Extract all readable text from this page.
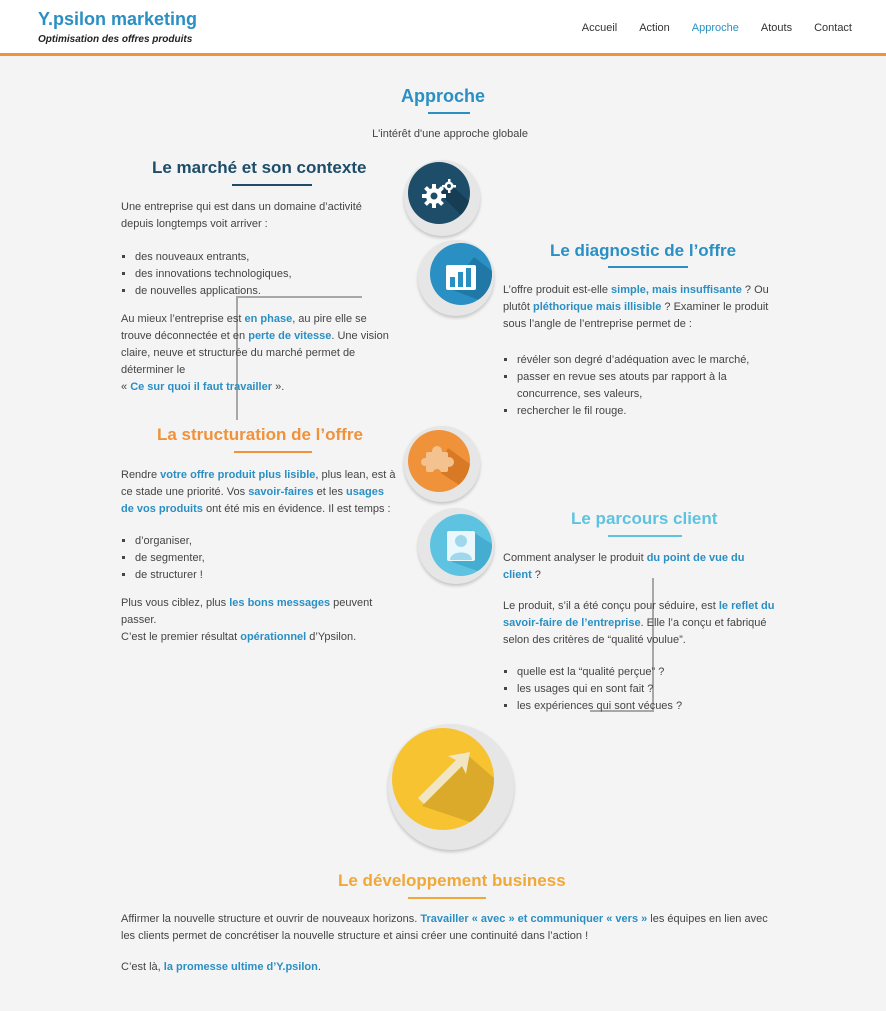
Y.psilon marketing
Optimisation des offres produits
Accueil Action Approche Atouts Contact
Approche
L'intérêt d'une approche globale
Le marché et son contexte

Une entreprise qui est dans un domaine d’activité depuis longtemps voit arriver :

▪ des nouveaux entrants,
▪ des innovations technologiques,
▪ de nouvelles applications.

Au mieux l’entreprise est en phase, au pire elle se trouve déconnectée et en perte de vitesse. Une vision claire, neuve et structurée du marché permet de déterminer le
« Ce sur quoi il faut travailler ».

Le diagnostic de l’offre

L’offre produit est-elle simple, mais insuffisante ? Ou plutôt pléthorique mais illisible ? Examiner le produit sous l’angle de l’entreprise permet de :

▪ révéler son degré d’adéquation avec le marché,
▪ passer en revue ses atouts par rapport à la concurrence, ses valeurs,
▪ rechercher le fil rouge.
La structuration de l’offre

Rendre votre offre produit plus lisible, plus lean, est à ce stade une priorité. Vos savoir-faires et les usages de vos produits ont été mis en évidence. Il est temps :

▪ d’organiser,
▪ de segmenter,
▪ de structurer !

Plus vous ciblez, plus les bons messages peuvent passer.
C’est le premier résultat opérationnel d’Ypsilon.

Le parcours client

Comment analyser le produit du point de vue du client ?

Le produit, s’il a été conçu pour séduire, est le reflet du savoir-faire de l’entreprise. Elle l’a conçu et fabriqué selon des critères de “qualité voulue”.

▪ quelle est la “qualité perçue” ?
▪ les usages qui en sont fait ?
▪ les expériences qui sont vécues ?
Le développement business

Affirmer la nouvelle structure et ouvrir de nouveaux horizons. Travailler « avec » et communiquer « vers » les équipes en lien avec les clients permet de concrétiser la nouvelle structure et ainsi créer une continuité dans l’action !

C’est là, la promesse ultime d’Y.psilon.
